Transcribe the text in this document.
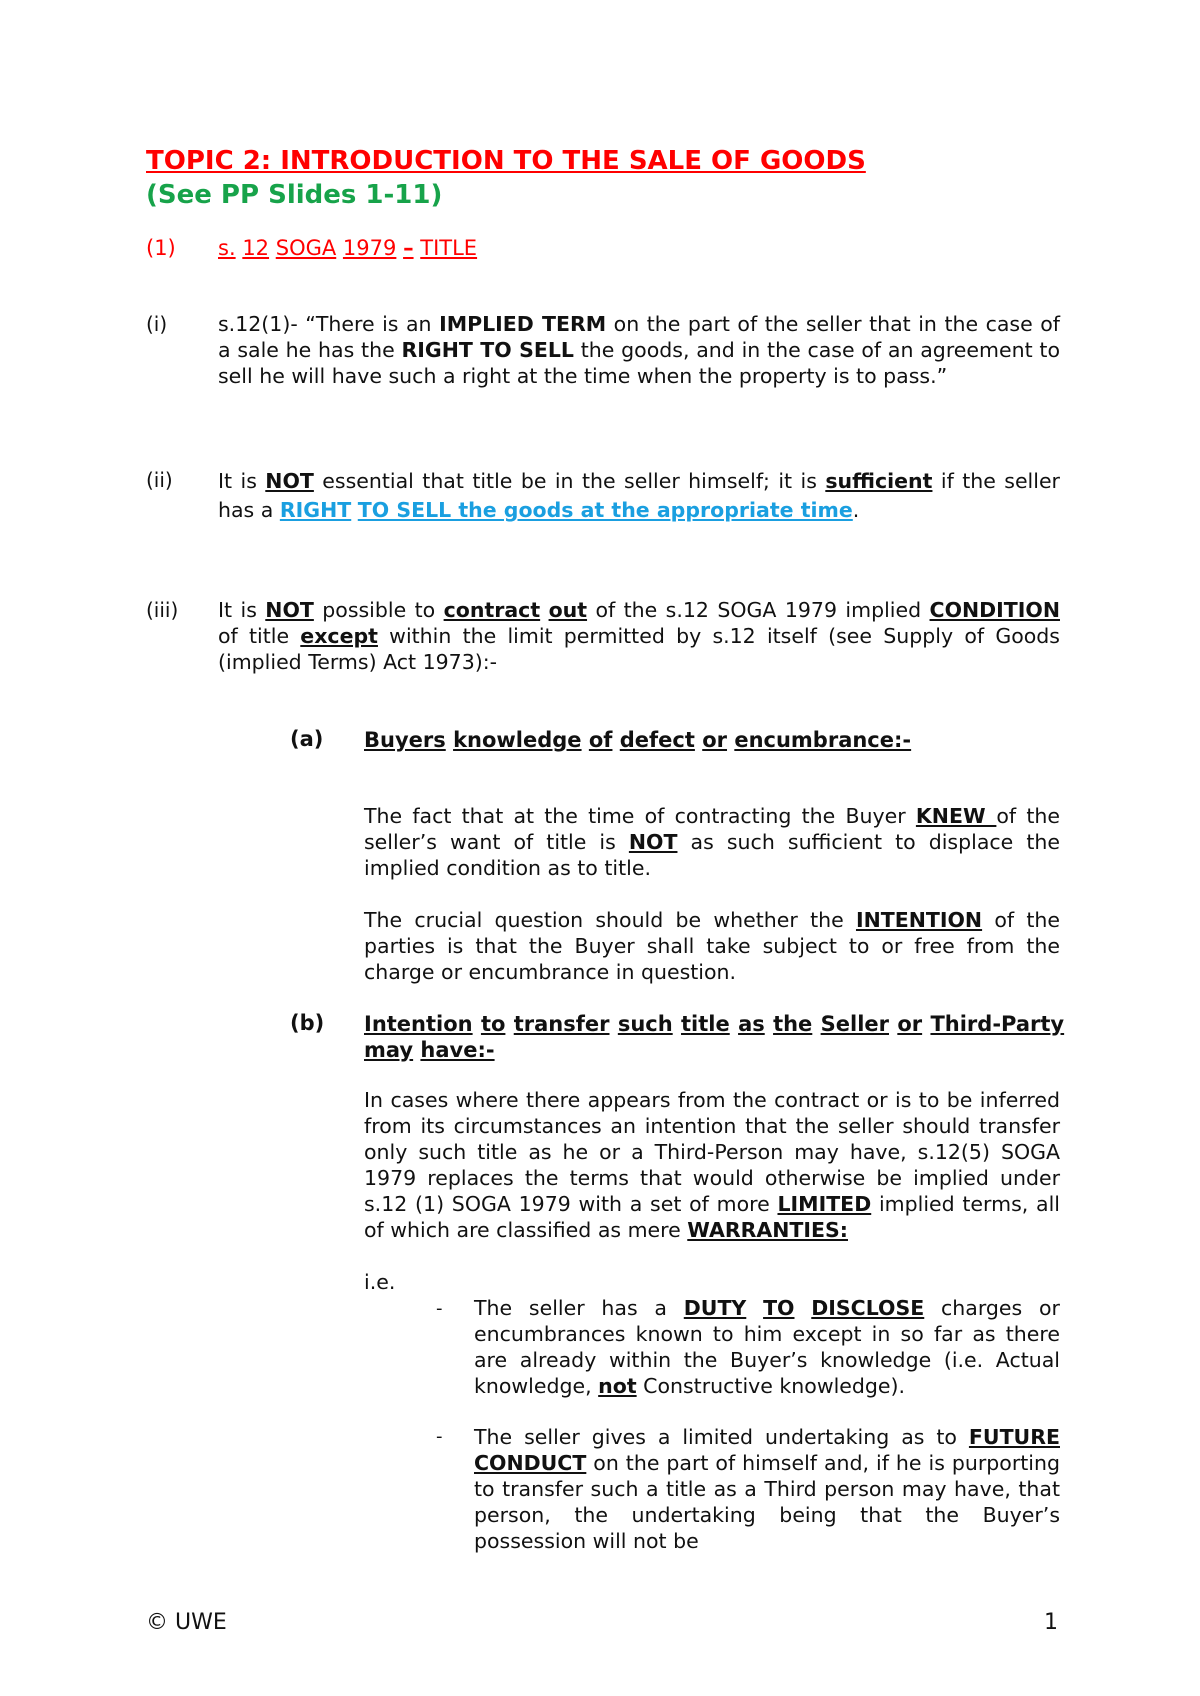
TOPIC 2: INTRODUCTION TO THE SALE OF GOODS
(See PP Slides 1-11)
(1) s. 12 SOGA 1979 – TITLE
(i) s.12(1)- “There is an IMPLIED TERM on the part of the seller that in the case of a sale he has the RIGHT TO SELL the goods, and in the case of an agreement to sell he will have such a right at the time when the property is to pass.”
(ii) It is NOT essential that title be in the seller himself; it is sufficient if the seller has a RIGHT TO SELL the goods at the appropriate time.
(iii) It is NOT possible to contract out of the s.12 SOGA 1979 implied CONDITION of title except within the limit permitted by s.12 itself (see Supply of Goods (implied Terms) Act 1973):-
(a) Buyers knowledge of defect or encumbrance:-
The fact that at the time of contracting the Buyer KNEW of the seller’s want of title is NOT as such sufficient to displace the implied condition as to title.
The crucial question should be whether the INTENTION of the parties is that the Buyer shall take subject to or free from the charge or encumbrance in question.
(b) Intention to transfer such title as the Seller or Third-Party may have:-
In cases where there appears from the contract or is to be inferred from its circumstances an intention that the seller should transfer only such title as he or a Third-Person may have, s.12(5) SOGA 1979 replaces the terms that would otherwise be implied under s.12 (1) SOGA 1979 with a set of more LIMITED implied terms, all of which are classified as mere WARRANTIES:
i.e.
- The seller has a DUTY TO DISCLOSE charges or encumbrances known to him except in so far as there are already within the Buyer’s knowledge (i.e. Actual knowledge, not Constructive knowledge).
- The seller gives a limited undertaking as to FUTURE CONDUCT on the part of himself and, if he is purporting to transfer such a title as a Third person may have, that person, the undertaking being that the Buyer’s possession will not be
© UWE	1
